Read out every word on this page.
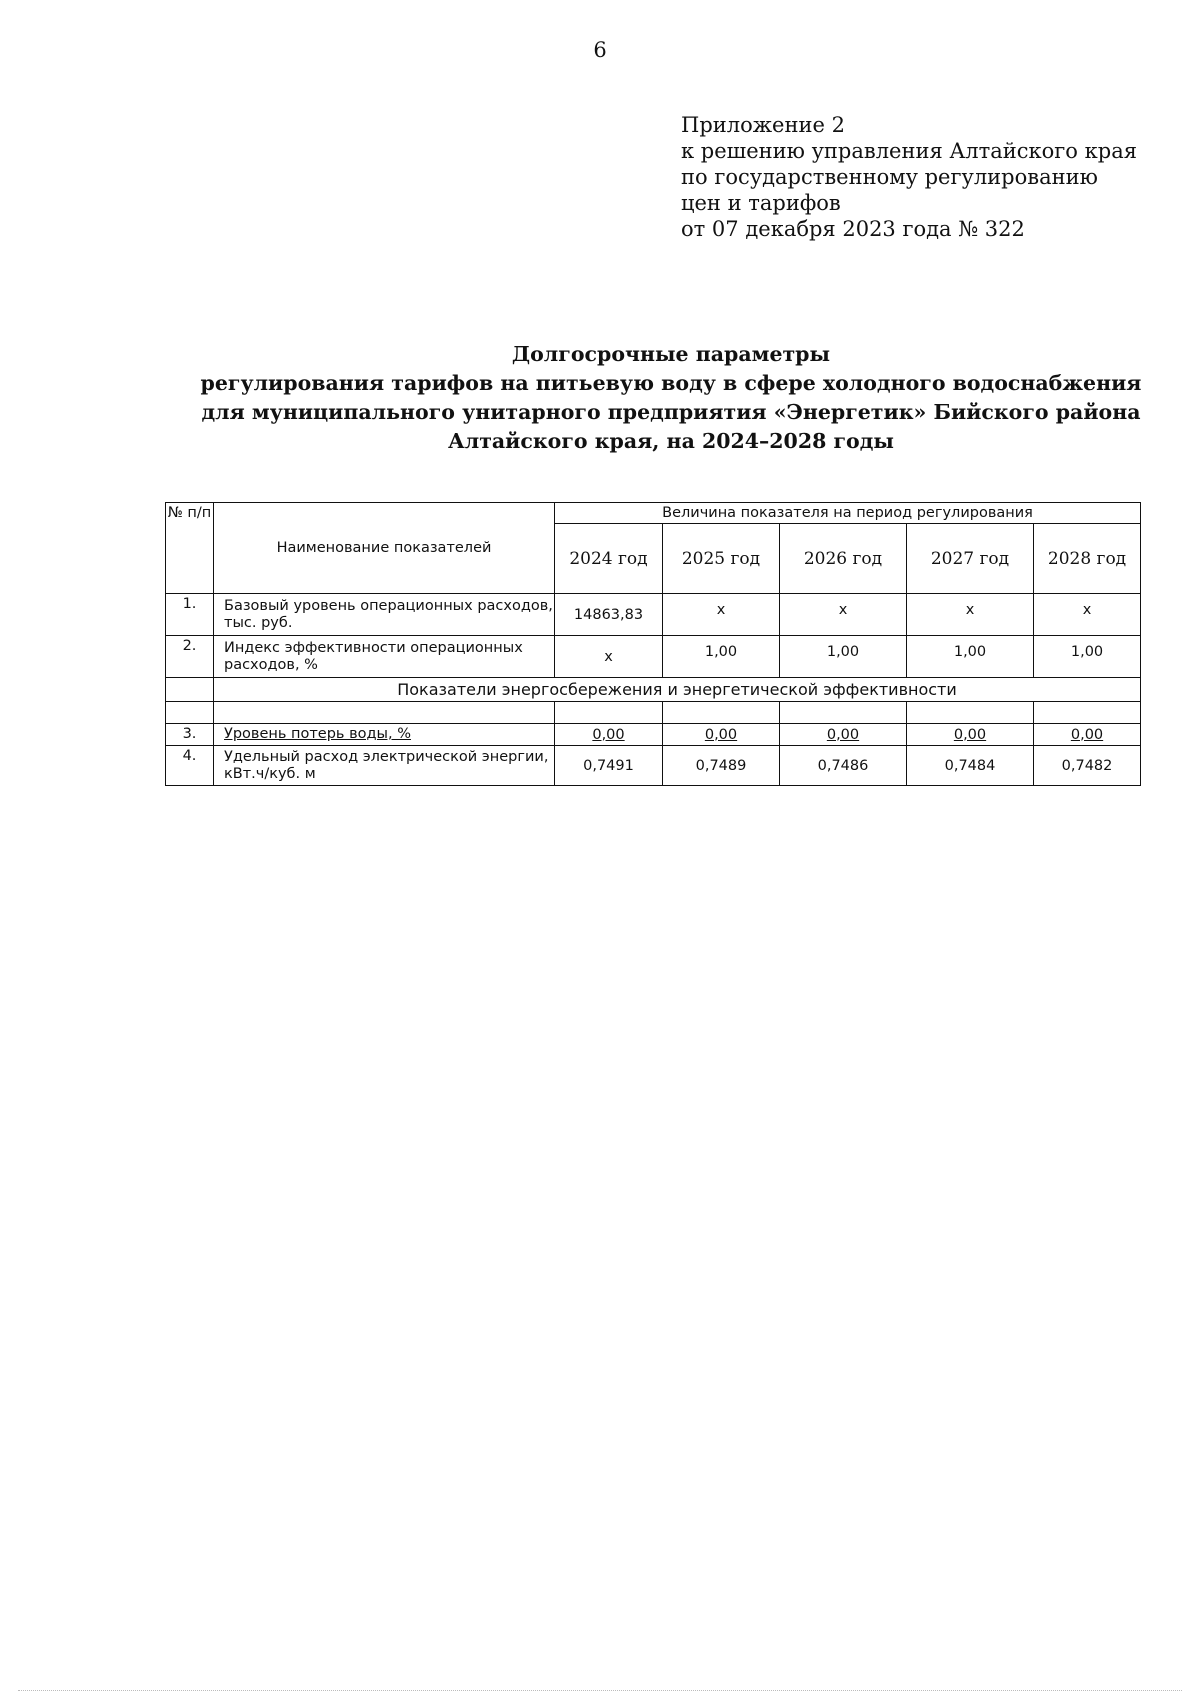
6
Приложение 2
к решению управления Алтайского края
по государственному регулированию
цен и тарифов
от 07 декабря 2023 года № 322
Долгосрочные параметры
регулирования тарифов на питьевую воду в сфере холодного водоснабжения
для муниципального унитарного предприятия «Энергетик» Бийского района
Алтайского края, на 2024–2028 годы
№ п/п	Наименование показателей	Величина показателя на период регулирования				
		2024 год	2025 год	2026 год	2027 год	2028 год
1.	Базовый уровень операционных расходов, тыс. руб.	14863,83	х	х	х	х
2.	Индекс эффективности операционных расходов, %	х	1,00	1,00	1,00	1,00
	Показатели энергосбережения и энергетической эффективности					

3.	Уровень потерь воды, %	0,00	0,00	0,00	0,00	0,00
4.	Удельный расход электрической энергии, кВт.ч/куб. м	0,7491	0,7489	0,7486	0,7484	0,7482
